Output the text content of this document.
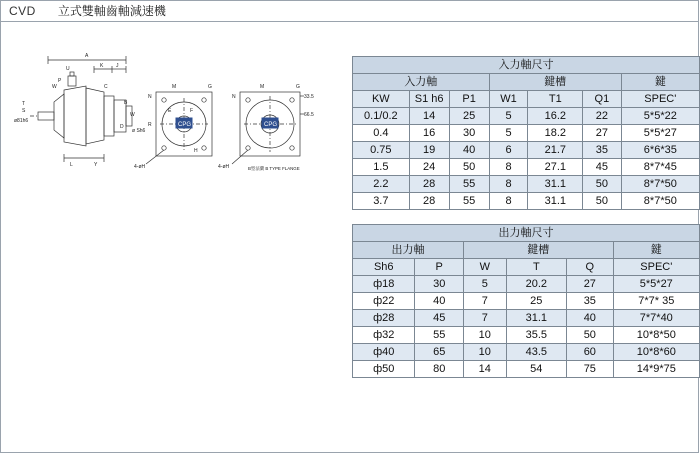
CVD 立式雙軸齒軸減速機
A
K	J
T
S
ø81h6
W
P
U
C
B
W
D
ø Sh6
L	Y
M	G
N
E	F
R
H
4-øH
M	G
N	33.5
66.5
4-øH	B型法蘭 B TYPE FLANGE
CPG	CPG
入力軸尺寸						
入力軸			鍵槽			鍵
KW	S1 h6	P1	W1	T1	Q1	SPEC'
0.1/0.2	14	25	5	16.2	22	5*5*22
0.4	16	30	5	18.2	27	5*5*27
0.75	19	40	6	21.7	35	6*6*35
1.5	24	50	8	27.1	45	8*7*45
2.2	28	55	8	31.1	50	8*7*50
3.7	28	55	8	31.1	50	8*7*50
出力軸尺寸					
出力軸		鍵槽			鍵
Sh6	P	W	T	Q	SPEC'
ф18	30	5	20.2	27	5*5*27
ф22	40	7	25	35	7*7* 35
ф28	45	7	31.1	40	7*7*40
ф32	55	10	35.5	50	10*8*50
ф40	65	10	43.5	60	10*8*60
ф50	80	14	54	75	14*9*75
